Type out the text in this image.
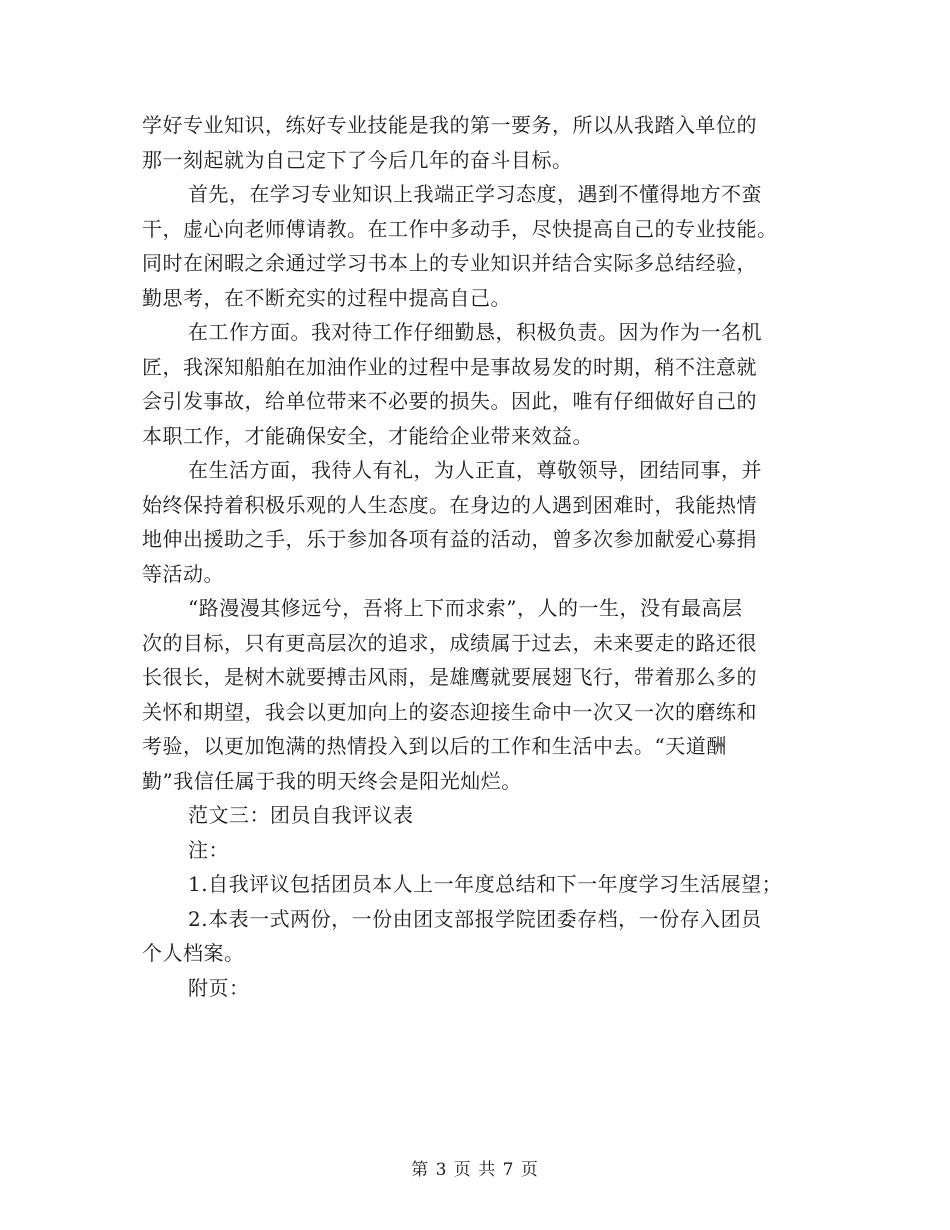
学好专业知识，练好专业技能是我的第一要务，所以从我踏入单位的
那一刻起就为自己定下了今后几年的奋斗目标。
首先，在学习专业知识上我端正学习态度，遇到不懂得地方不蛮
干，虚心向老师傅请教。在工作中多动手，尽快提高自己的专业技能。
同时在闲暇之余通过学习书本上的专业知识并结合实际多总结经验，
勤思考，在不断充实的过程中提高自己。
在工作方面。我对待工作仔细勤恳，积极负责。因为作为一名机
匠，我深知船舶在加油作业的过程中是事故易发的时期，稍不注意就
会引发事故，给单位带来不必要的损失。因此，唯有仔细做好自己的
本职工作，才能确保安全，才能给企业带来效益。
在生活方面，我待人有礼，为人正直，尊敬领导，团结同事，并
始终保持着积极乐观的人生态度。在身边的人遇到困难时，我能热情
地伸出援助之手，乐于参加各项有益的活动，曾多次参加献爱心募捐
等活动。
“路漫漫其修远兮，吾将上下而求索”，人的一生，没有最高层
次的目标，只有更高层次的追求，成绩属于过去，未来要走的路还很
长很长，是树木就要搏击风雨，是雄鹰就要展翅飞行，带着那么多的
关怀和期望，我会以更加向上的姿态迎接生命中一次又一次的磨练和
考验，以更加饱满的热情投入到以后的工作和生活中去。“天道酬
勤”我信任属于我的明天终会是阳光灿烂。
范文三：团员自我评议表
注：
1.自我评议包括团员本人上一年度总结和下一年度学习生活展望；
2.本表一式两份，一份由团支部报学院团委存档，一份存入团员
个人档案。
附页：
第 3 页 共 7 页
